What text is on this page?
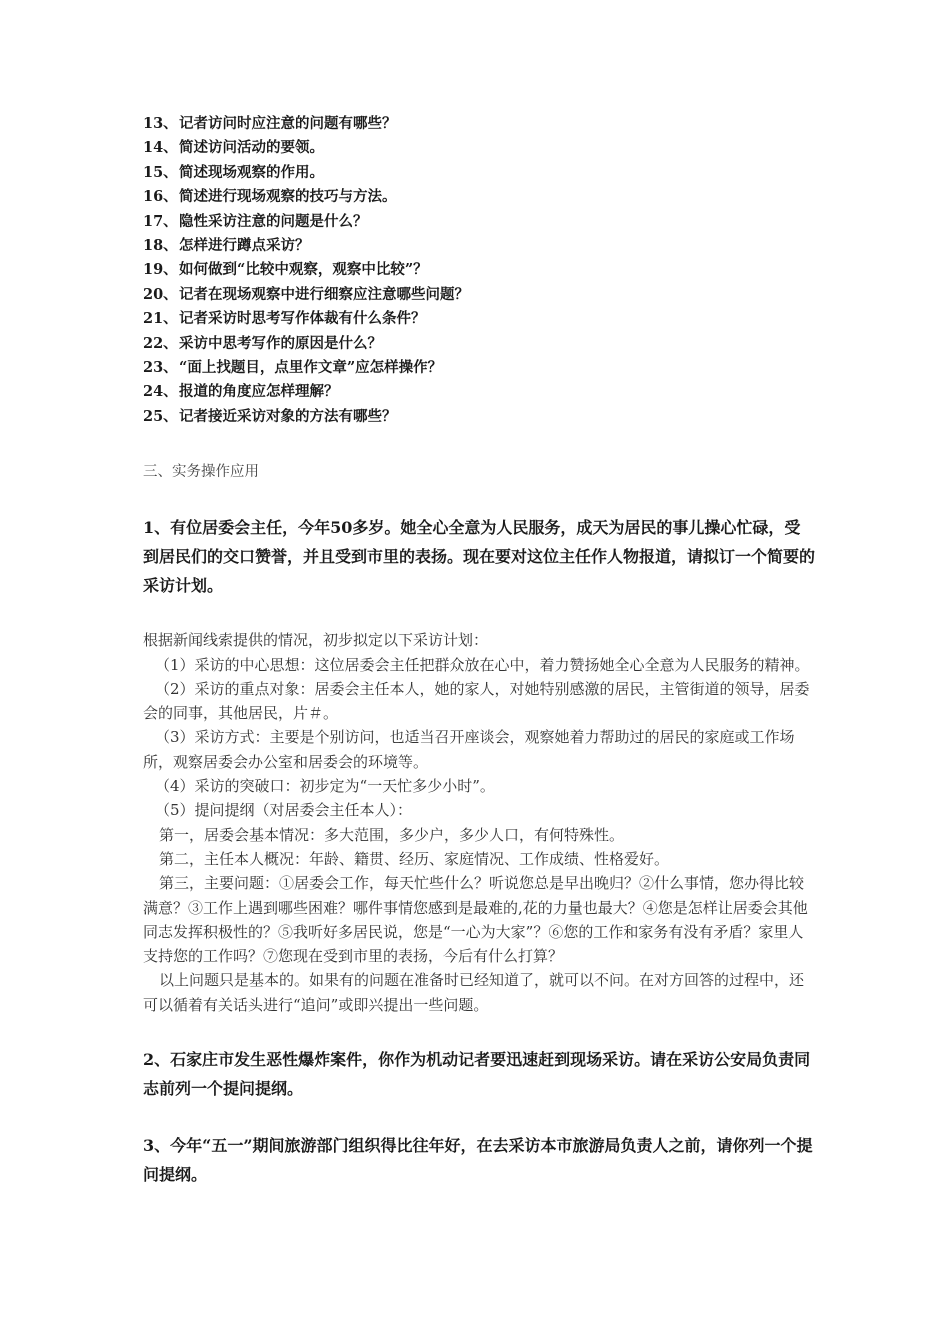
13、记者访问时应注意的问题有哪些？

14、简述访问活动的要领。

15、简述现场观察的作用。

16、简述进行现场观察的技巧与方法。

17、隐性采访注意的问题是什么？

18、怎样进行蹲点采访？

19、如何做到“比较中观察，观察中比较”？

20、记者在现场观察中进行细察应注意哪些问题？

21、记者采访时思考写作体裁有什么条件？

22、采访中思考写作的原因是什么？

23、“面上找题目，点里作文章”应怎样操作？

24、报道的角度应怎样理解？

25、记者接近采访对象的方法有哪些？

三、实务操作应用

1、有位居委会主任，今年50多岁。她全心全意为人民服务，成天为居民的事儿操心忙碌，受到居民们的交口赞誉，并且受到市里的表扬。现在要对这位主任作人物报道，请拟订一个简要的采访计划。

根据新闻线索提供的情况，初步拟定以下采访计划：

（1）采访的中心思想：这位居委会主任把群众放在心中，着力赞扬她全心全意为人民服务的精神。

（2）采访的重点对象：居委会主任本人，她的家人，对她特别感激的居民，主管街道的领导，居委会的同事，其他居民，片＃。

（3）采访方式：主要是个别访问，也适当召开座谈会，观察她着力帮助过的居民的家庭或工作场所，观察居委会办公室和居委会的环境等。

（4）采访的突破口：初步定为“一天忙多少小时”。

（5）提问提纲（对居委会主任本人）：

第一，居委会基本情况：多大范围，多少户，多少人口，有何特殊性。

第二，主任本人概况：年龄、籍贯、经历、家庭情况、工作成绩、性格爱好。

第三，主要问题：①居委会工作，每天忙些什么？听说您总是早出晚归？②什么事情，您办得比较满意？③工作上遇到哪些困难？哪件事情您感到是最难的,花的力量也最大？④您是怎样让居委会其他同志发挥积极性的？⑤我听好多居民说，您是“一心为大家”？⑥您的工作和家务有没有矛盾？家里人支持您的工作吗？⑦您现在受到市里的表扬，今后有什么打算？

以上问题只是基本的。如果有的问题在准备时已经知道了，就可以不问。在对方回答的过程中，还可以循着有关话头进行“追问”或即兴提出一些问题。

2、石家庄市发生恶性爆炸案件，你作为机动记者要迅速赶到现场采访。请在采访公安局负责同志前列一个提问提纲。

3、今年“五一”期间旅游部门组织得比往年好，在去采访本市旅游局负责人之前，请你列一个提问提纲。
